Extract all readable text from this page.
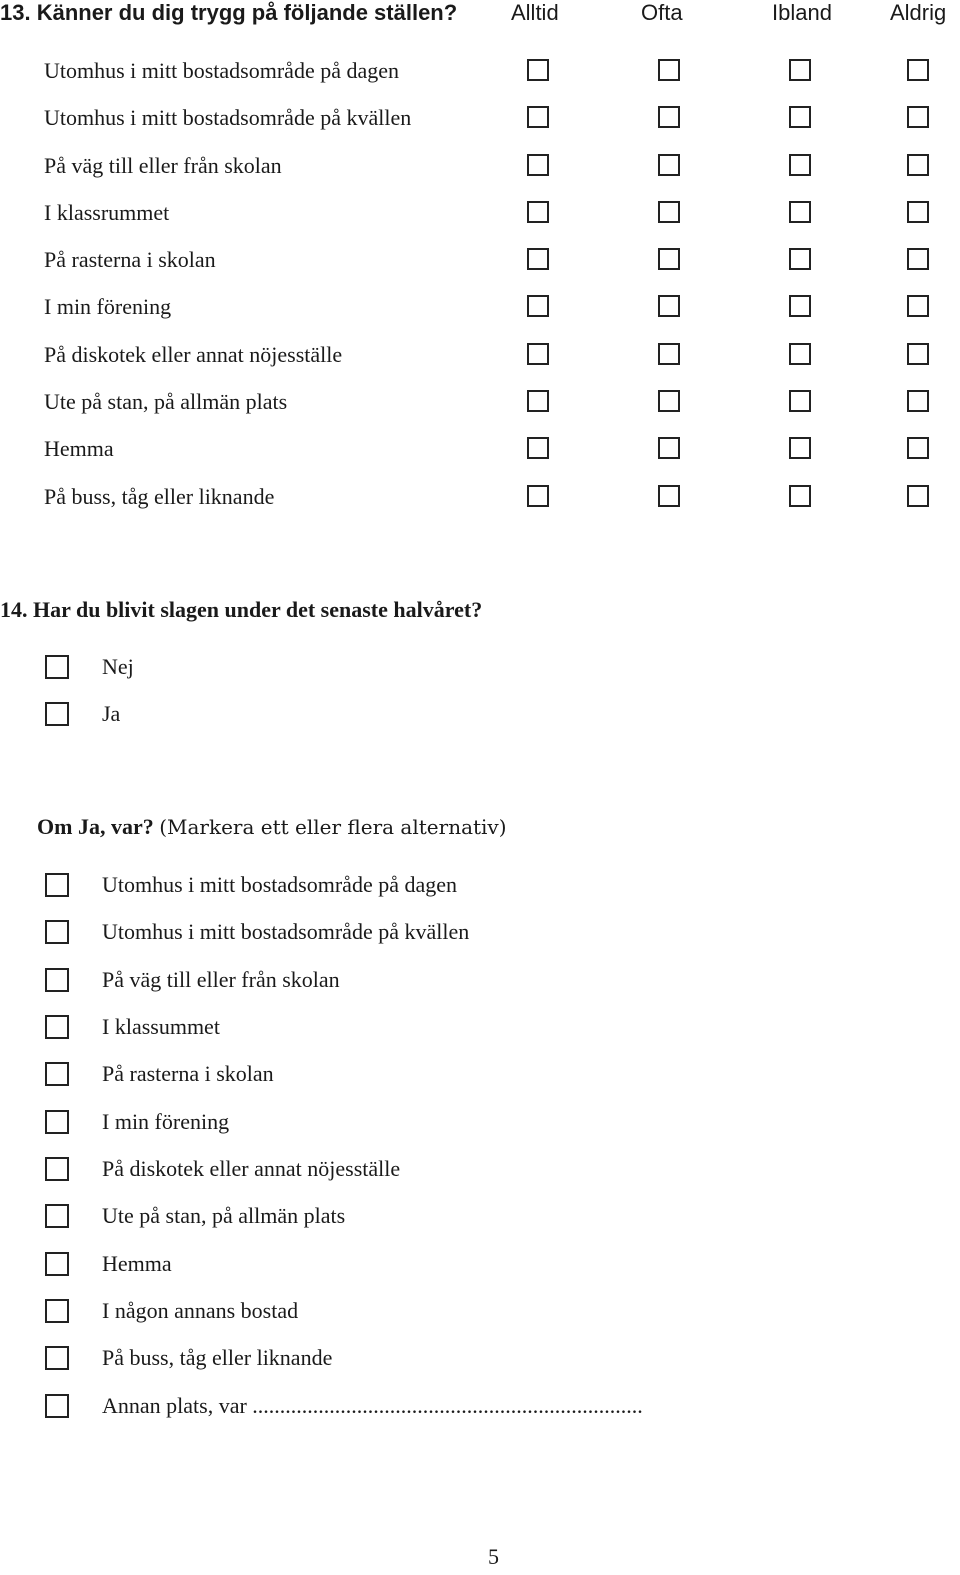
13. Känner du dig trygg på följande ställen? Alltid	Ofta	Ibland	Aldrig
Utomhus i mitt bostadsområde på dagen
Utomhus i mitt bostadsområde på kvällen
På väg till eller från skolan
I klassrummet
På rasterna i skolan
I min förening
På diskotek eller annat nöjesställe
Ute på stan, på allmän plats
Hemma
På buss, tåg eller liknande
14. Har du blivit slagen under det senaste halvåret?
Nej
Ja
Om Ja, var? (Markera ett eller flera alternativ)
Utomhus i mitt bostadsområde på dagen
Utomhus i mitt bostadsområde på kvällen
På väg till eller från skolan
I klassummet
På rasterna i skolan
I min förening
På diskotek eller annat nöjesställe
Ute på stan, på allmän plats
Hemma
I någon annans bostad
På buss, tåg eller liknande
Annan plats, var .......................................................................
5
